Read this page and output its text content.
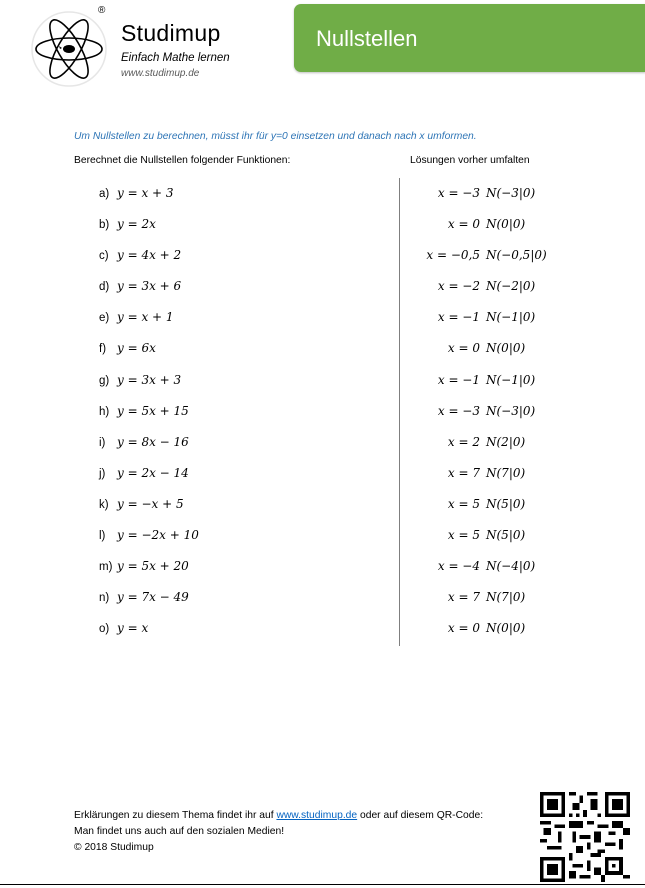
®
Studimup
Einfach Mathe lernen
www.studimup.de
Nullstellen
Um Nullstellen zu berechnen, müsst ihr für y=0 einsetzen und danach nach x umformen.
Berechnet die Nullstellen folgender Funktionen:	Lösungen vorher umfalten
a) y = x + 3
b) y = 2x
c) y = 4x + 2
d) y = 3x + 6
e) y = x + 1
f) y = 6x
g) y = 3x + 3
h) y = 5x + 15
i) y = 8x − 16
j) y = 2x − 14
k) y = −x + 5
l) y = −2x + 10
m) y = 5x + 20
n) y = 7x − 49
o) y = x
x = −3 N(−3|0)
x = 0 N(0|0)
x = −0,5 N(−0,5|0)
x = −2 N(−2|0)
x = −1 N(−1|0)
x = 0 N(0|0)
x = −1 N(−1|0)
x = −3 N(−3|0)
x = 2 N(2|0)
x = 7 N(7|0)
x = 5 N(5|0)
x = 5 N(5|0)
x = −4 N(−4|0)
x = 7 N(7|0)
x = 0 N(0|0)
Erklärungen zu diesem Thema findet ihr auf www.studimup.de oder auf diesem QR-Code:
Man findet uns auch auf den sozialen Medien!
© 2018 Studimup
